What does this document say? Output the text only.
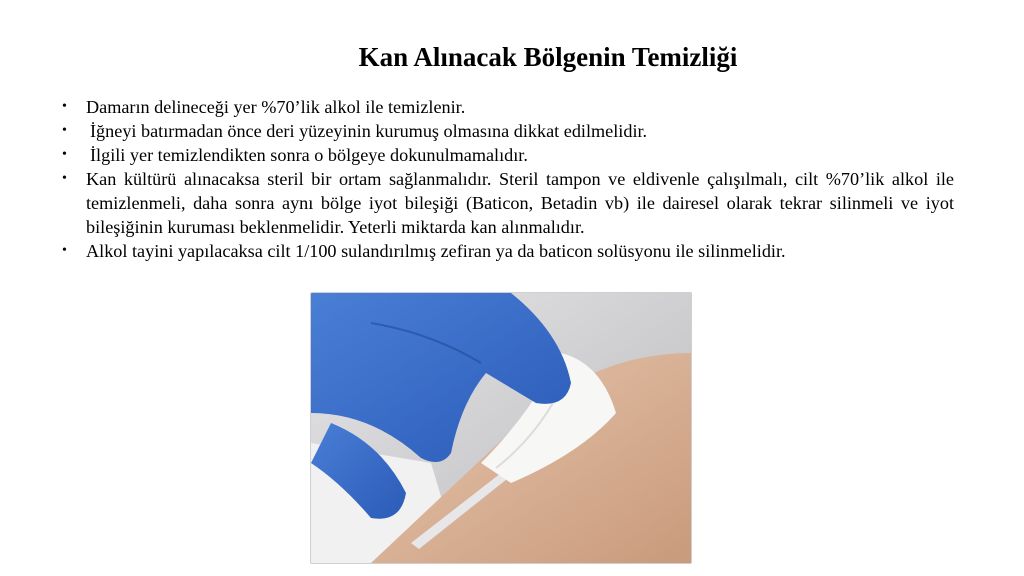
Kan Alınacak Bölgenin Temizliği
• Damarın delineceği yer %70’lik alkol ile temizlenir.
• İğneyi batırmadan önce deri yüzeyinin kurumuş olmasına dikkat edilmelidir.
• İlgili yer temizlendikten sonra o bölgeye dokunulmamalıdır.
• Kan kültürü alınacaksa steril bir ortam sağlanmalıdır. Steril tampon ve eldivenle çalışılmalı, cilt %70’lik alkol ile temizlenmeli, daha sonra aynı bölge iyot bileşiği (Baticon, Betadin vb) ile dairesel olarak tekrar silinmeli ve iyot bileşiğinin kuruması beklenmelidir. Yeterli miktarda kan alınmalıdır.
• Alkol tayini yapılacaksa cilt 1/100 sulandırılmış zefiran ya da baticon solüsyonu ile silinmelidir.
